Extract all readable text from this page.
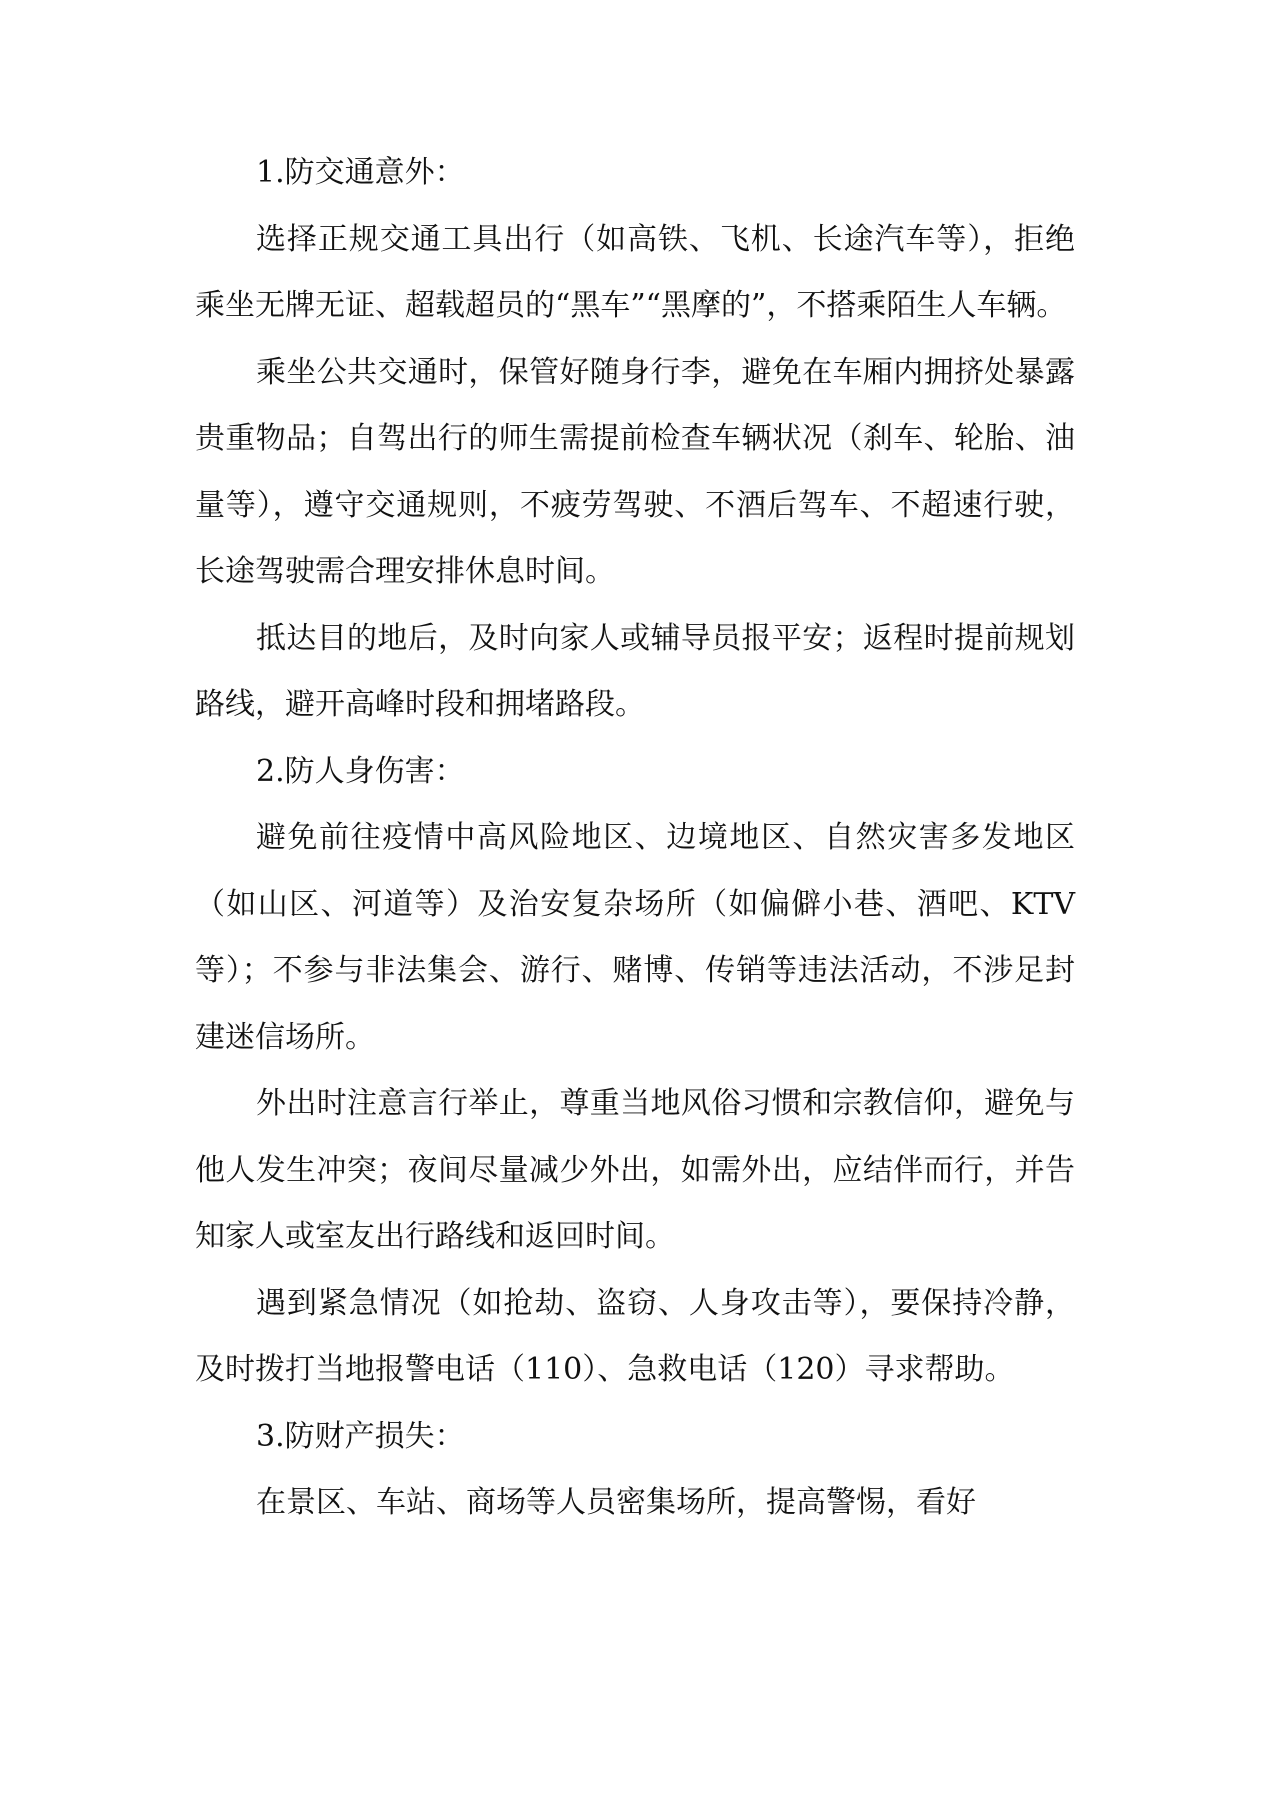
1.防交通意外：

选择正规交通工具出行（如高铁、飞机、长途汽车等），拒绝乘坐无牌无证、超载超员的“黑车”“黑摩的”，不搭乘陌生人车辆。

乘坐公共交通时，保管好随身行李，避免在车厢内拥挤处暴露贵重物品；自驾出行的师生需提前检查车辆状况（刹车、轮胎、油量等），遵守交通规则，不疲劳驾驶、不酒后驾车、不超速行驶，长途驾驶需合理安排休息时间。

抵达目的地后，及时向家人或辅导员报平安；返程时提前规划路线，避开高峰时段和拥堵路段。

2.防人身伤害：

避免前往疫情中高风险地区、边境地区、自然灾害多发地区（如山区、河道等）及治安复杂场所（如偏僻小巷、酒吧、KTV 等）；不参与非法集会、游行、赌博、传销等违法活动，不涉足封建迷信场所。

外出时注意言行举止，尊重当地风俗习惯和宗教信仰，避免与他人发生冲突；夜间尽量减少外出，如需外出，应结伴而行，并告知家人或室友出行路线和返回时间。

遇到紧急情况（如抢劫、盗窃、人身攻击等），要保持冷静，及时拨打当地报警电话（110）、急救电话（120）寻求帮助。

3.防财产损失：

在景区、车站、商场等人员密集场所，提高警惕，看好
